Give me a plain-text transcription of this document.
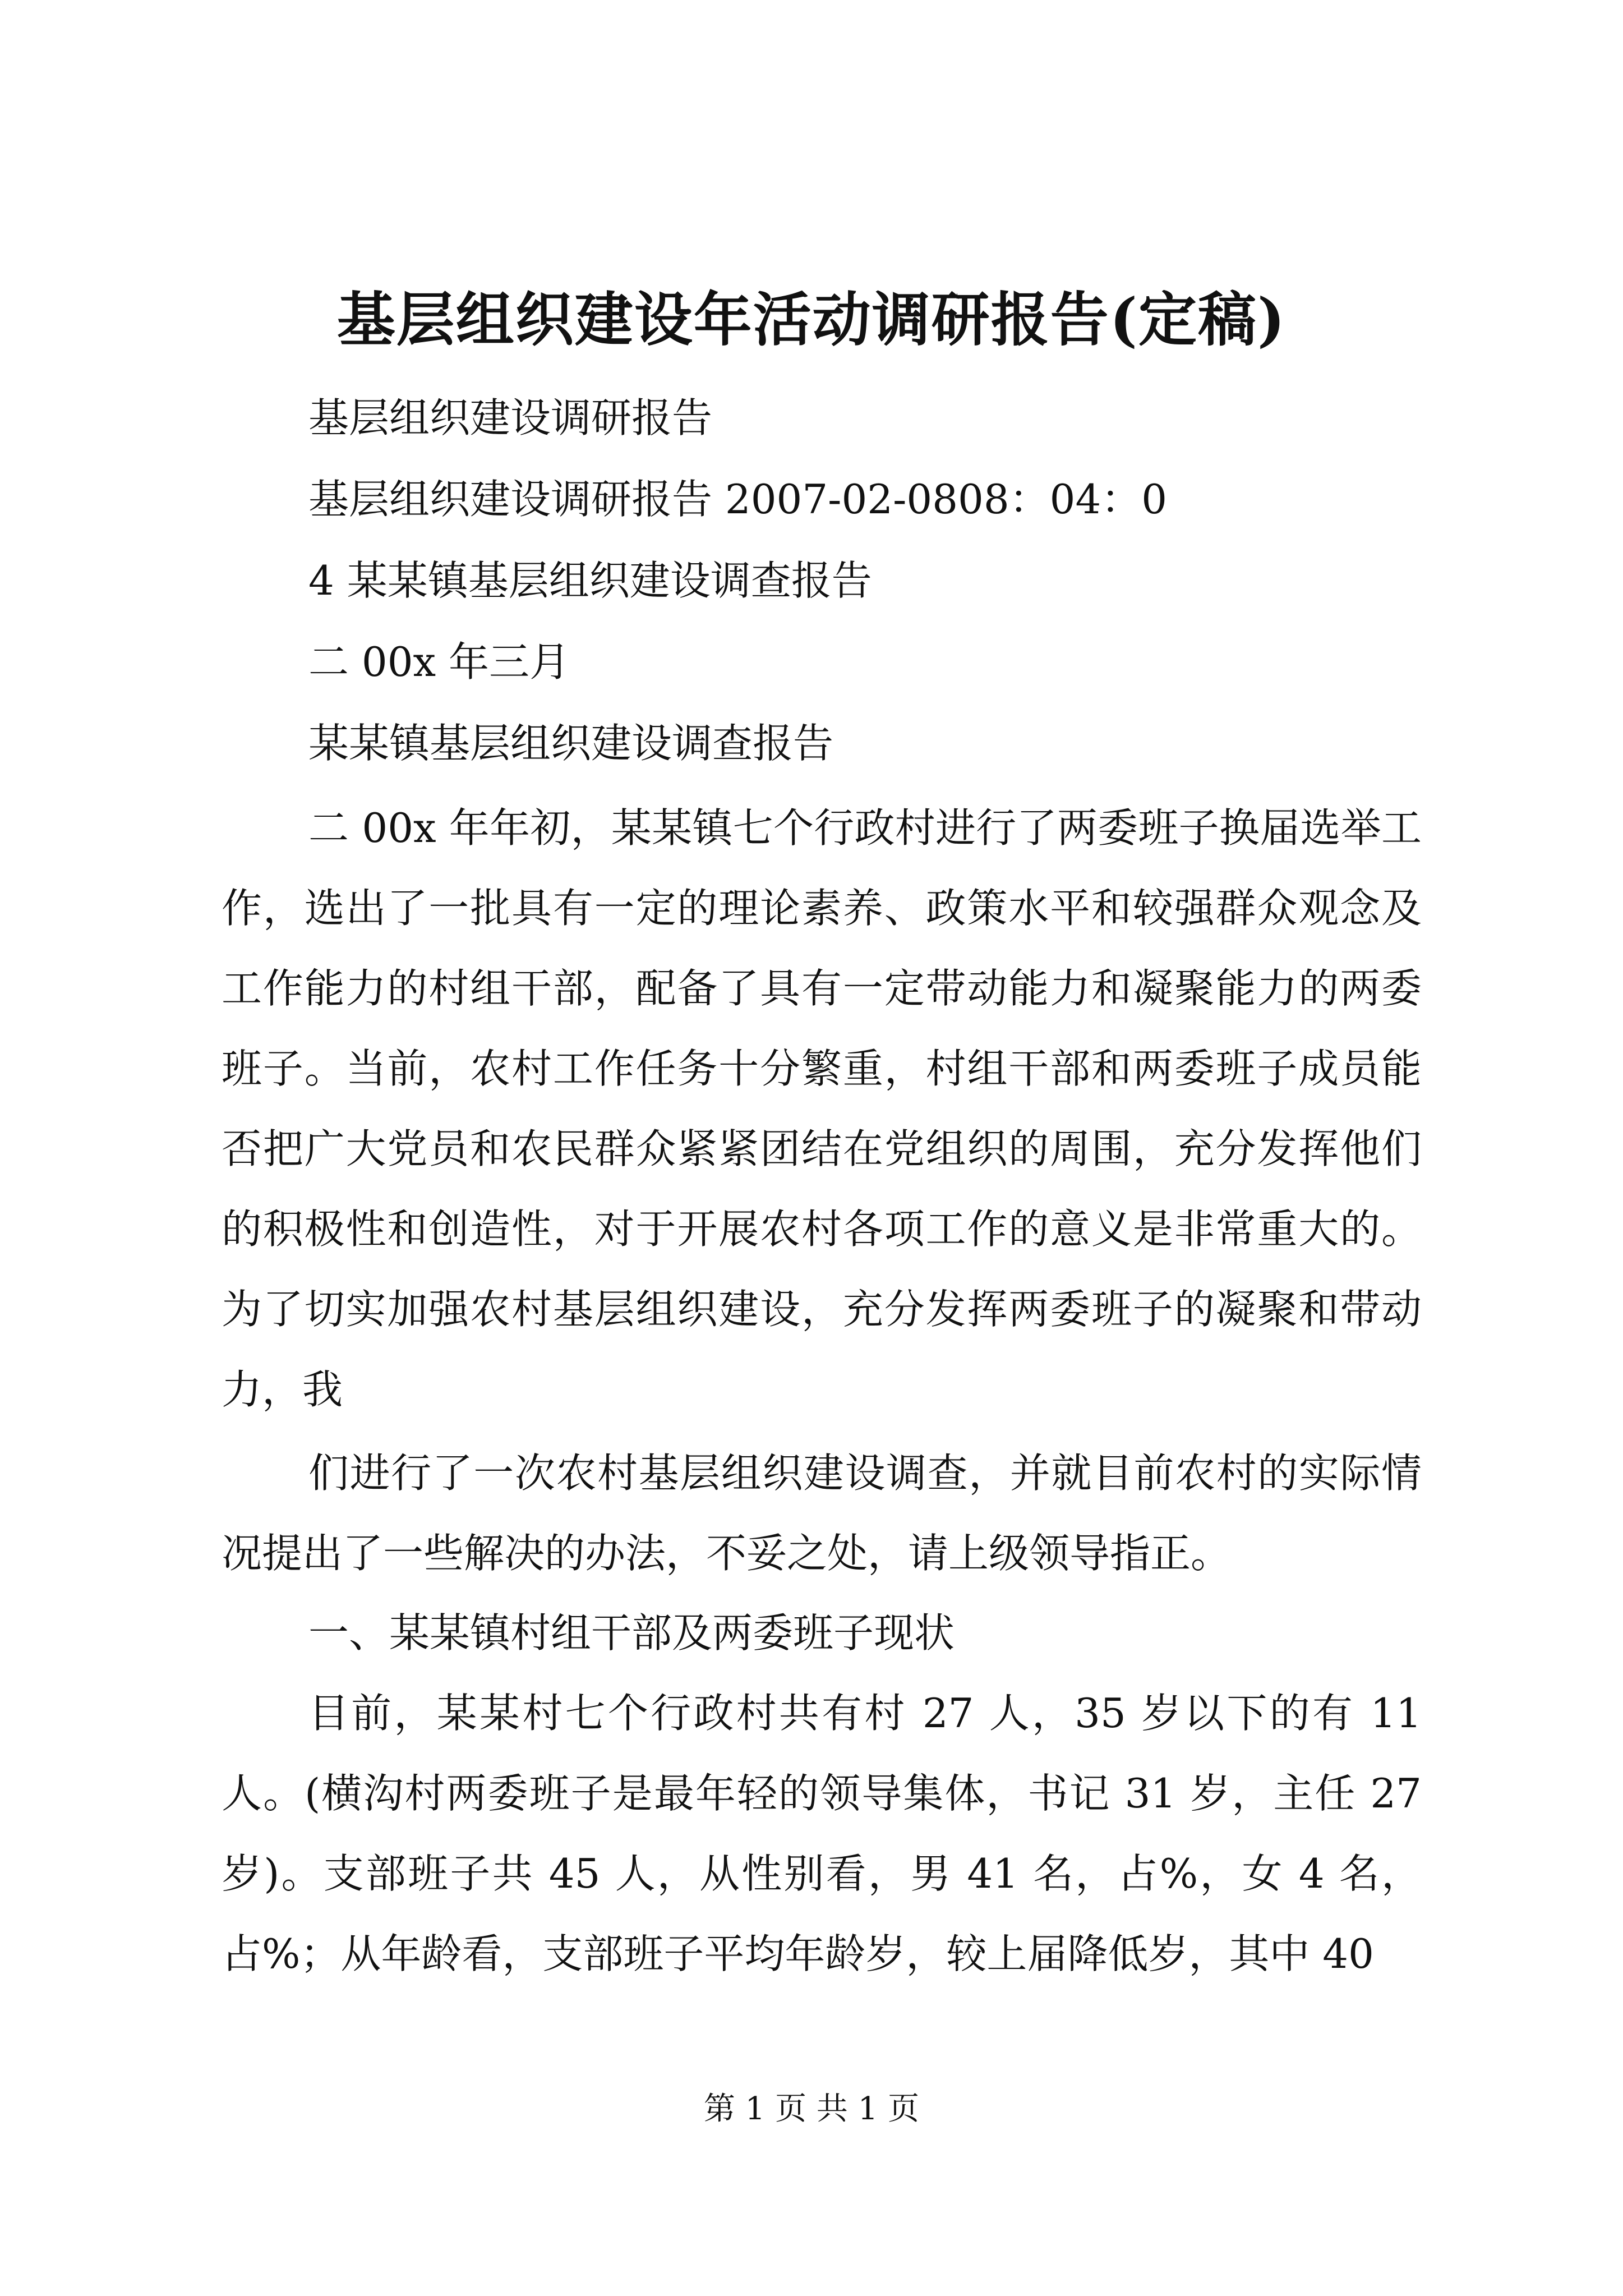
基层组织建设年活动调研报告(定稿)
基层组织建设调研报告
基层组织建设调研报告 2007-02-0808：04：0
4 某某镇基层组织建设调查报告
二 00x 年三月
某某镇基层组织建设调查报告

二 00x 年年初，某某镇七个行政村进行了两委班子换届选举工作，选出了一批具有一定的理论素养、政策水平和较强群众观念及工作能力的村组干部，配备了具有一定带动能力和凝聚能力的两委班子。当前，农村工作任务十分繁重，村组干部和两委班子成员能否把广大党员和农民群众紧紧团结在党组织的周围，充分发挥他们的积极性和创造性，对于开展农村各项工作的意义是非常重大的。为了切实加强农村基层组织建设，充分发挥两委班子的凝聚和带动力，我

们进行了一次农村基层组织建设调查，并就目前农村的实际情况提出了一些解决的办法，不妥之处，请上级领导指正。

一、某某镇村组干部及两委班子现状

目前，某某村七个行政村共有村 27 人，35 岁以下的有 11 人。(横沟村两委班子是最年轻的领导集体，书记 31 岁，主任 27 岁)。支部班子共 45 人，从性别看，男 41 名，占%，女 4 名，占%；从年龄看，支部班子平均年龄岁，较上届降低岁，其中 40

第 1 页 共 1 页
